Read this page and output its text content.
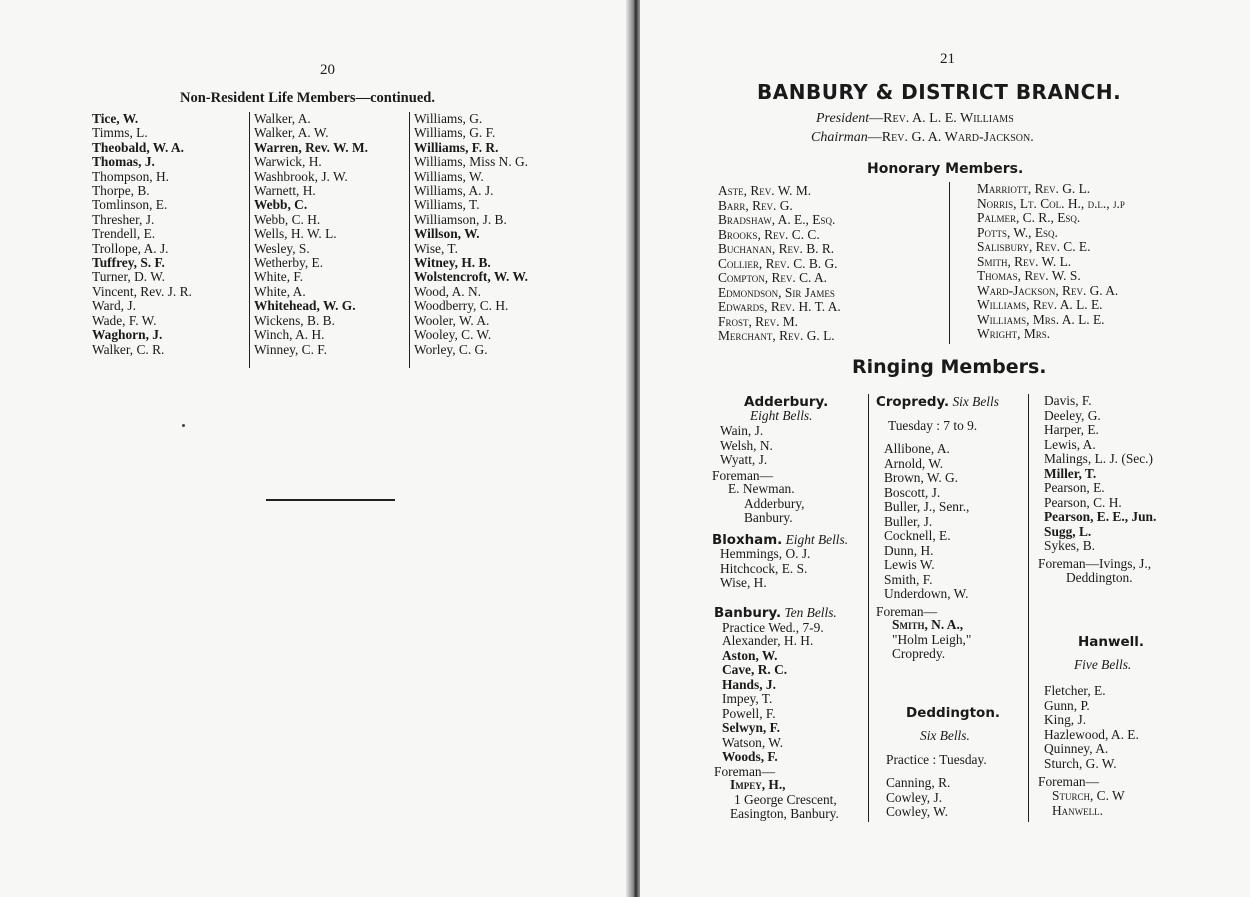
20
Non-Resident Life Members—continued.
Tice, W.
Timms, L.
Theobald, W. A.
Thomas, J.
Thompson, H.
Thorpe, B.
Tomlinson, E.
Thresher, J.
Trendell, E.
Trollope, A. J.
Tuffrey, S. F.
Turner, D. W.
Vincent, Rev. J. R.
Ward, J.
Wade, F. W.
Waghorn, J.
Walker, C. R.
Walker, A.
Walker, A. W.
Warren, Rev. W. M.
Warwick, H.
Washbrook, J. W.
Warnett, H.
Webb, C.
Webb, C. H.
Wells, H. W. L.
Wesley, S.
Wetherby, E.
White, F.
White, A.
Whitehead, W. G.
Wickens, B. B.
Winch, A. H.
Winney, C. F.
Williams, G.
Williams, G. F.
Williams, F. R.
Williams, Miss N. G.
Williams, W.
Williams, A. J.
Williams, T.
Williamson, J. B.
Willson, W.
Wise, T.
Witney, H. B.
Wolstencroft, W. W.
Wood, A. N.
Woodberry, C. H.
Wooler, W. A.
Wooley, C. W.
Worley, C. G.
21
BANBURY & DISTRICT BRANCH.
President—Rev. A. L. E. Williams
Chairman—Rev. G. A. Ward-Jackson.
Honorary Members.
Aste, Rev. W. M.
Barr, Rev. G.
Bradshaw, A. E., Esq.
Brooks, Rev. C. C.
Buchanan, Rev. B. R.
Collier, Rev. C. B. G.
Compton, Rev. C. A.
Edmondson, Sir James
Edwards, Rev. H. T. A.
Frost, Rev. M.
Merchant, Rev. G. L.
Marriott, Rev. G. L.
Norris, Lt. Col. H., d.l., j.p
Palmer, C. R., Esq.
Potts, W., Esq.
Salisbury, Rev. C. E.
Smith, Rev. W. L.
Thomas, Rev. W. S.
Ward-Jackson, Rev. G. A.
Williams, Rev. A. L. E.
Williams, Mrs. A. L. E.
Wright, Mrs.
Ringing Members.
Adderbury.
Eight Bells.
Wain, J.
Welsh, N.
Wyatt, J.
Foreman—
E. Newman.
Adderbury,
Banbury.
Bloxham. Eight Bells.
Hemmings, O. J.
Hitchcock, E. S.
Wise, H.
Banbury. Ten Bells.
Practice Wed., 7-9.
Alexander, H. H.
Aston, W.
Cave, R. C.
Hands, J.
Impey, T.
Powell, F.
Selwyn, F.
Watson, W.
Woods, F.
Foreman—
Impey, H.,
1 George Crescent,
Easington, Banbury.
Cropredy. Six Bells
Tuesday : 7 to 9.
Allibone, A.
Arnold, W.
Brown, W. G.
Boscott, J.
Buller, J., Senr.,
Buller, J.
Cocknell, E.
Dunn, H.
Lewis W.
Smith, F.
Underdown, W.
Foreman—
Smith, N. A.,
"Holm Leigh,"
Cropredy.
Deddington.
Six Bells.
Practice : Tuesday.
Canning, R.
Cowley, J.
Cowley, W.
Davis, F.
Deeley, G.
Harper, E.
Lewis, A.
Malings, L. J. (Sec.)
Miller, T.
Pearson, E.
Pearson, C. H.
Pearson, E. E., Jun.
Sugg, L.
Sykes, B.
Foreman—Ivings, J.,
Deddington.
Hanwell.
Five Bells.
Fletcher, E.
Gunn, P.
King, J.
Hazlewood, A. E.
Quinney, A.
Sturch, G. W.
Foreman—
Sturch, C. W
Hanwell.
